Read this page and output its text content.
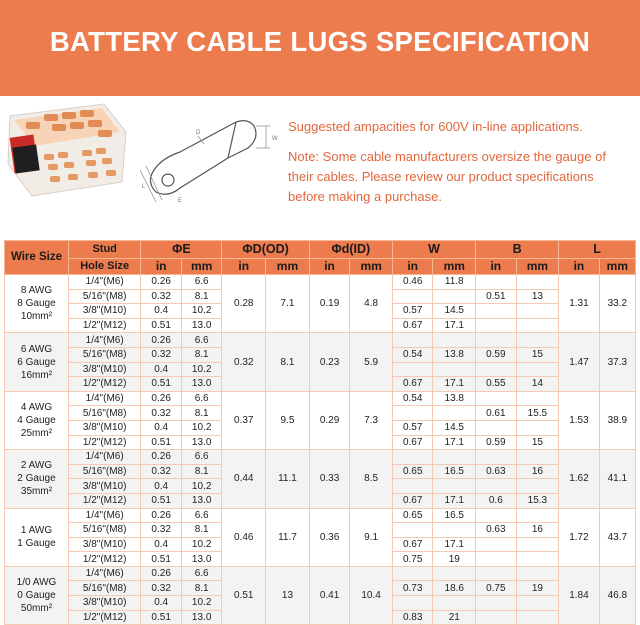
BATTERY CABLE LUGS SPECIFICATION
W
L
D
E
Suggested ampacities for 600V in-line applications.
Note: Some cable manufacturers oversize the gauge of their cables. Please review our product specifications before making a purchase.
Wire Size	Stud	ΦE		ΦD(OD)		Φd(ID)		W		B		L	
	Hole Size	in	mm	in	mm	in	mm	in	mm	in	mm	in	mm

8 AWG
8 Gauge
10mm²	1/4"(M6)	0.26	6.6	0.28	7.1	0.19	4.8	0.46	11.8			1.31	33.2
	5/16"(M8)	0.32	8.1							0.51	13		
	3/8"(M10)	0.4	10.2					0.57	14.5				
	1/2"(M12)	0.51	13.0					0.67	17.1				

6 AWG
6 Gauge
16mm²	1/4"(M6)	0.26	6.6	0.32	8.1	0.23	5.9					1.47	37.3
	5/16"(M8)	0.32	8.1					0.54	13.8	0.59	15		
	3/8"(M10)	0.4	10.2										
	1/2"(M12)	0.51	13.0					0.67	17.1	0.55	14		

4 AWG
4 Gauge
25mm²	1/4"(M6)	0.26	6.6	0.37	9.5	0.29	7.3	0.54	13.8			1.53	38.9
	5/16"(M8)	0.32	8.1							0.61	15.5		
	3/8"(M10)	0.4	10.2					0.57	14.5				
	1/2"(M12)	0.51	13.0					0.67	17.1	0.59	15		

2 AWG
2 Gauge
35mm²	1/4"(M6)	0.26	6.6	0.44	11.1	0.33	8.5					1.62	41.1
	5/16"(M8)	0.32	8.1					0.65	16.5	0.63	16		
	3/8"(M10)	0.4	10.2										
	1/2"(M12)	0.51	13.0					0.67	17.1	0.6	15.3		

1 AWG
1 Gauge	1/4"(M6)	0.26	6.6	0.46	11.7	0.36	9.1	0.65	16.5			1.72	43.7
	5/16"(M8)	0.32	8.1							0.63	16		
	3/8"(M10)	0.4	10.2					0.67	17.1				
	1/2"(M12)	0.51	13.0					0.75	19				

1/0 AWG
0 Gauge
50mm²	1/4"(M6)	0.26	6.6	0.51	13	0.41	10.4					1.84	46.8
	5/16"(M8)	0.32	8.1					0.73	18.6	0.75	19		
	3/8"(M10)	0.4	10.2										
	1/2"(M12)	0.51	13.0					0.83	21				
